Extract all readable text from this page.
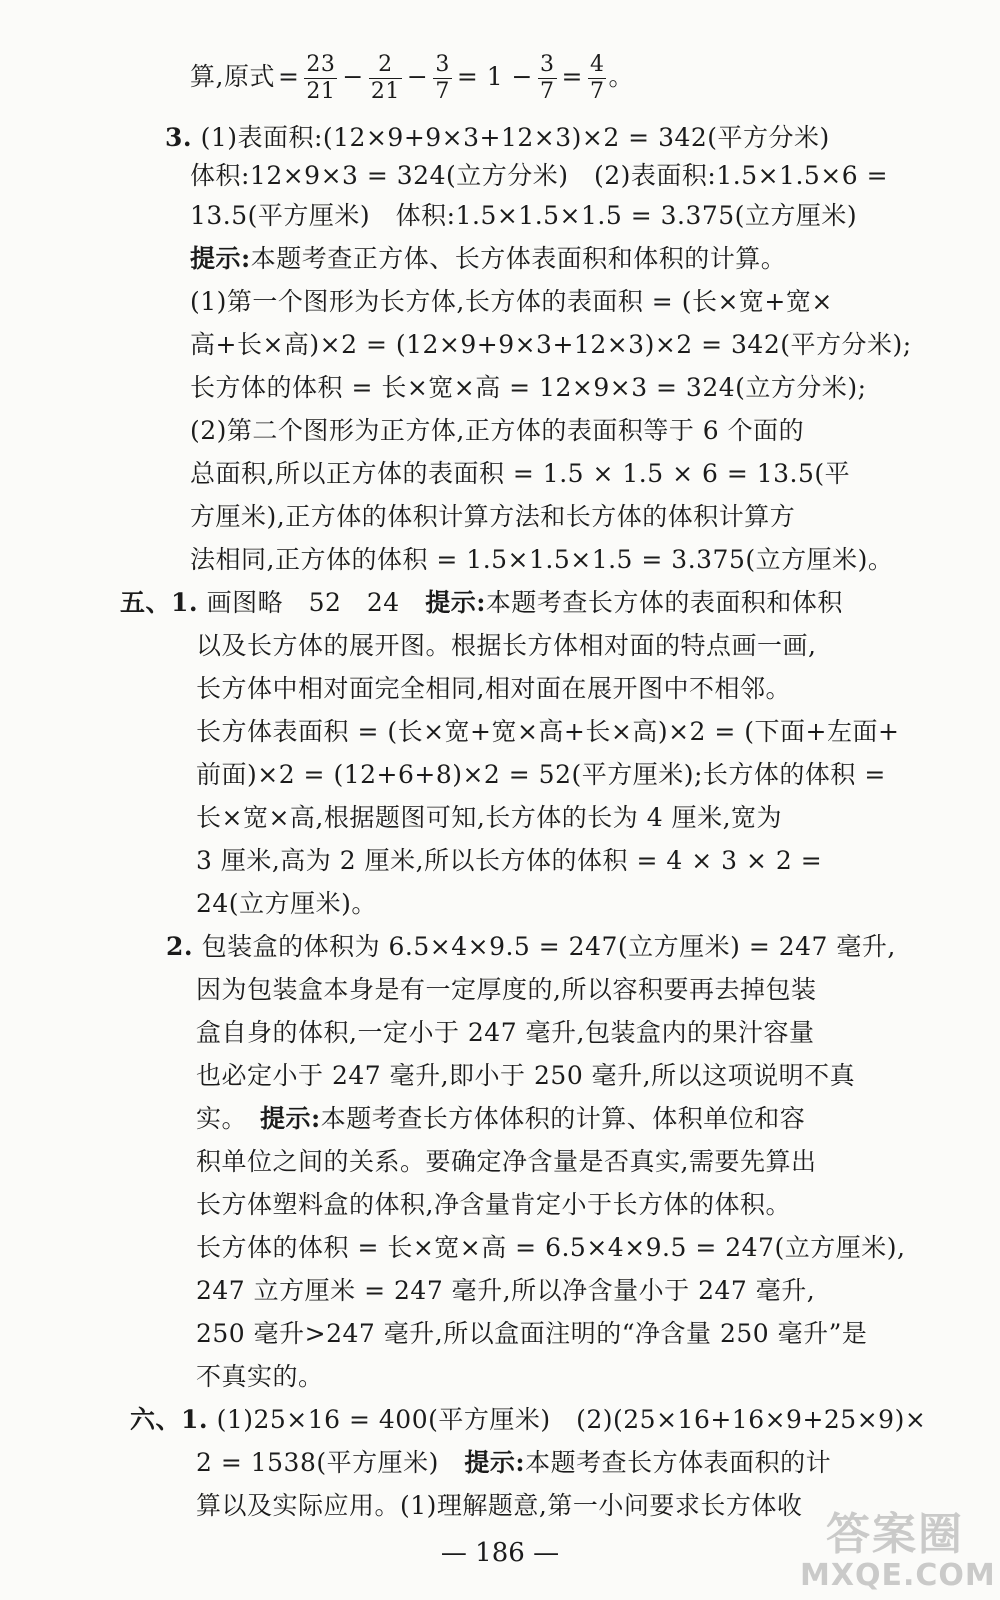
算,原式 = $\frac{23}{21} - \frac{2}{21} - \frac{3}{7} = 1 - \frac{3}{7} = \frac{4}{7}$ 。
3. (1)表面积:(12×9+9×3+12×3)×2 = 342(平方分米)
体积:12×9×3 = 324(立方分米)　(2)表面积:1.5×1.5×6 =
13.5(平方厘米)　体积:1.5×1.5×1.5 = 3.375(立方厘米)
提示:本题考查正方体、长方体表面积和体积的计算。
(1)第一个图形为长方体,长方体的表面积 = (长×宽+宽×
高+长×高)×2 = (12×9+9×3+12×3)×2 = 342(平方分米);
长方体的体积 = 长×宽×高 = 12×9×3 = 324(立方分米);
(2)第二个图形为正方体,正方体的表面积等于 6 个面的
总面积,所以正方体的表面积 = 1.5 × 1.5 × 6 = 13.5(平
方厘米),正方体的体积计算方法和长方体的体积计算方
法相同,正方体的体积 = 1.5×1.5×1.5 = 3.375(立方厘米)。
五、1. 画图略　52　24　提示:本题考查长方体的表面积和体积
以及长方体的展开图。根据长方体相对面的特点画一画,
长方体中相对面完全相同,相对面在展开图中不相邻。
长方体表面积 = (长×宽+宽×高+长×高)×2 = (下面+左面+
前面)×2 = (12+6+8)×2 = 52(平方厘米);长方体的体积 =
长×宽×高,根据题图可知,长方体的长为 4 厘米,宽为
3 厘米,高为 2 厘米,所以长方体的体积 = 4 × 3 × 2 =
24(立方厘米)。
2. 包装盒的体积为 6.5×4×9.5 = 247(立方厘米) = 247 毫升,
因为包装盒本身是有一定厚度的,所以容积要再去掉包装
盒自身的体积,一定小于 247 毫升,包装盒内的果汁容量
也必定小于 247 毫升,即小于 250 毫升,所以这项说明不真
实。　提示:本题考查长方体体积的计算、体积单位和容
积单位之间的关系。要确定净含量是否真实,需要先算出
长方体塑料盒的体积,净含量肯定小于长方体的体积。
长方体的体积 = 长×宽×高 = 6.5×4×9.5 = 247(立方厘米),
247 立方厘米 = 247 毫升,所以净含量小于 247 毫升,
250 毫升>247 毫升,所以盒面注明的“净含量 250 毫升”是
不真实的。
六、1. (1)25×16 = 400(平方厘米)　(2)(25×16+16×9+25×9)×
2 = 1538(平方厘米)　提示:本题考查长方体表面积的计
算以及实际应用。(1)理解题意,第一小问要求长方体收
— 186 —	答案圈
MXQE.COM
